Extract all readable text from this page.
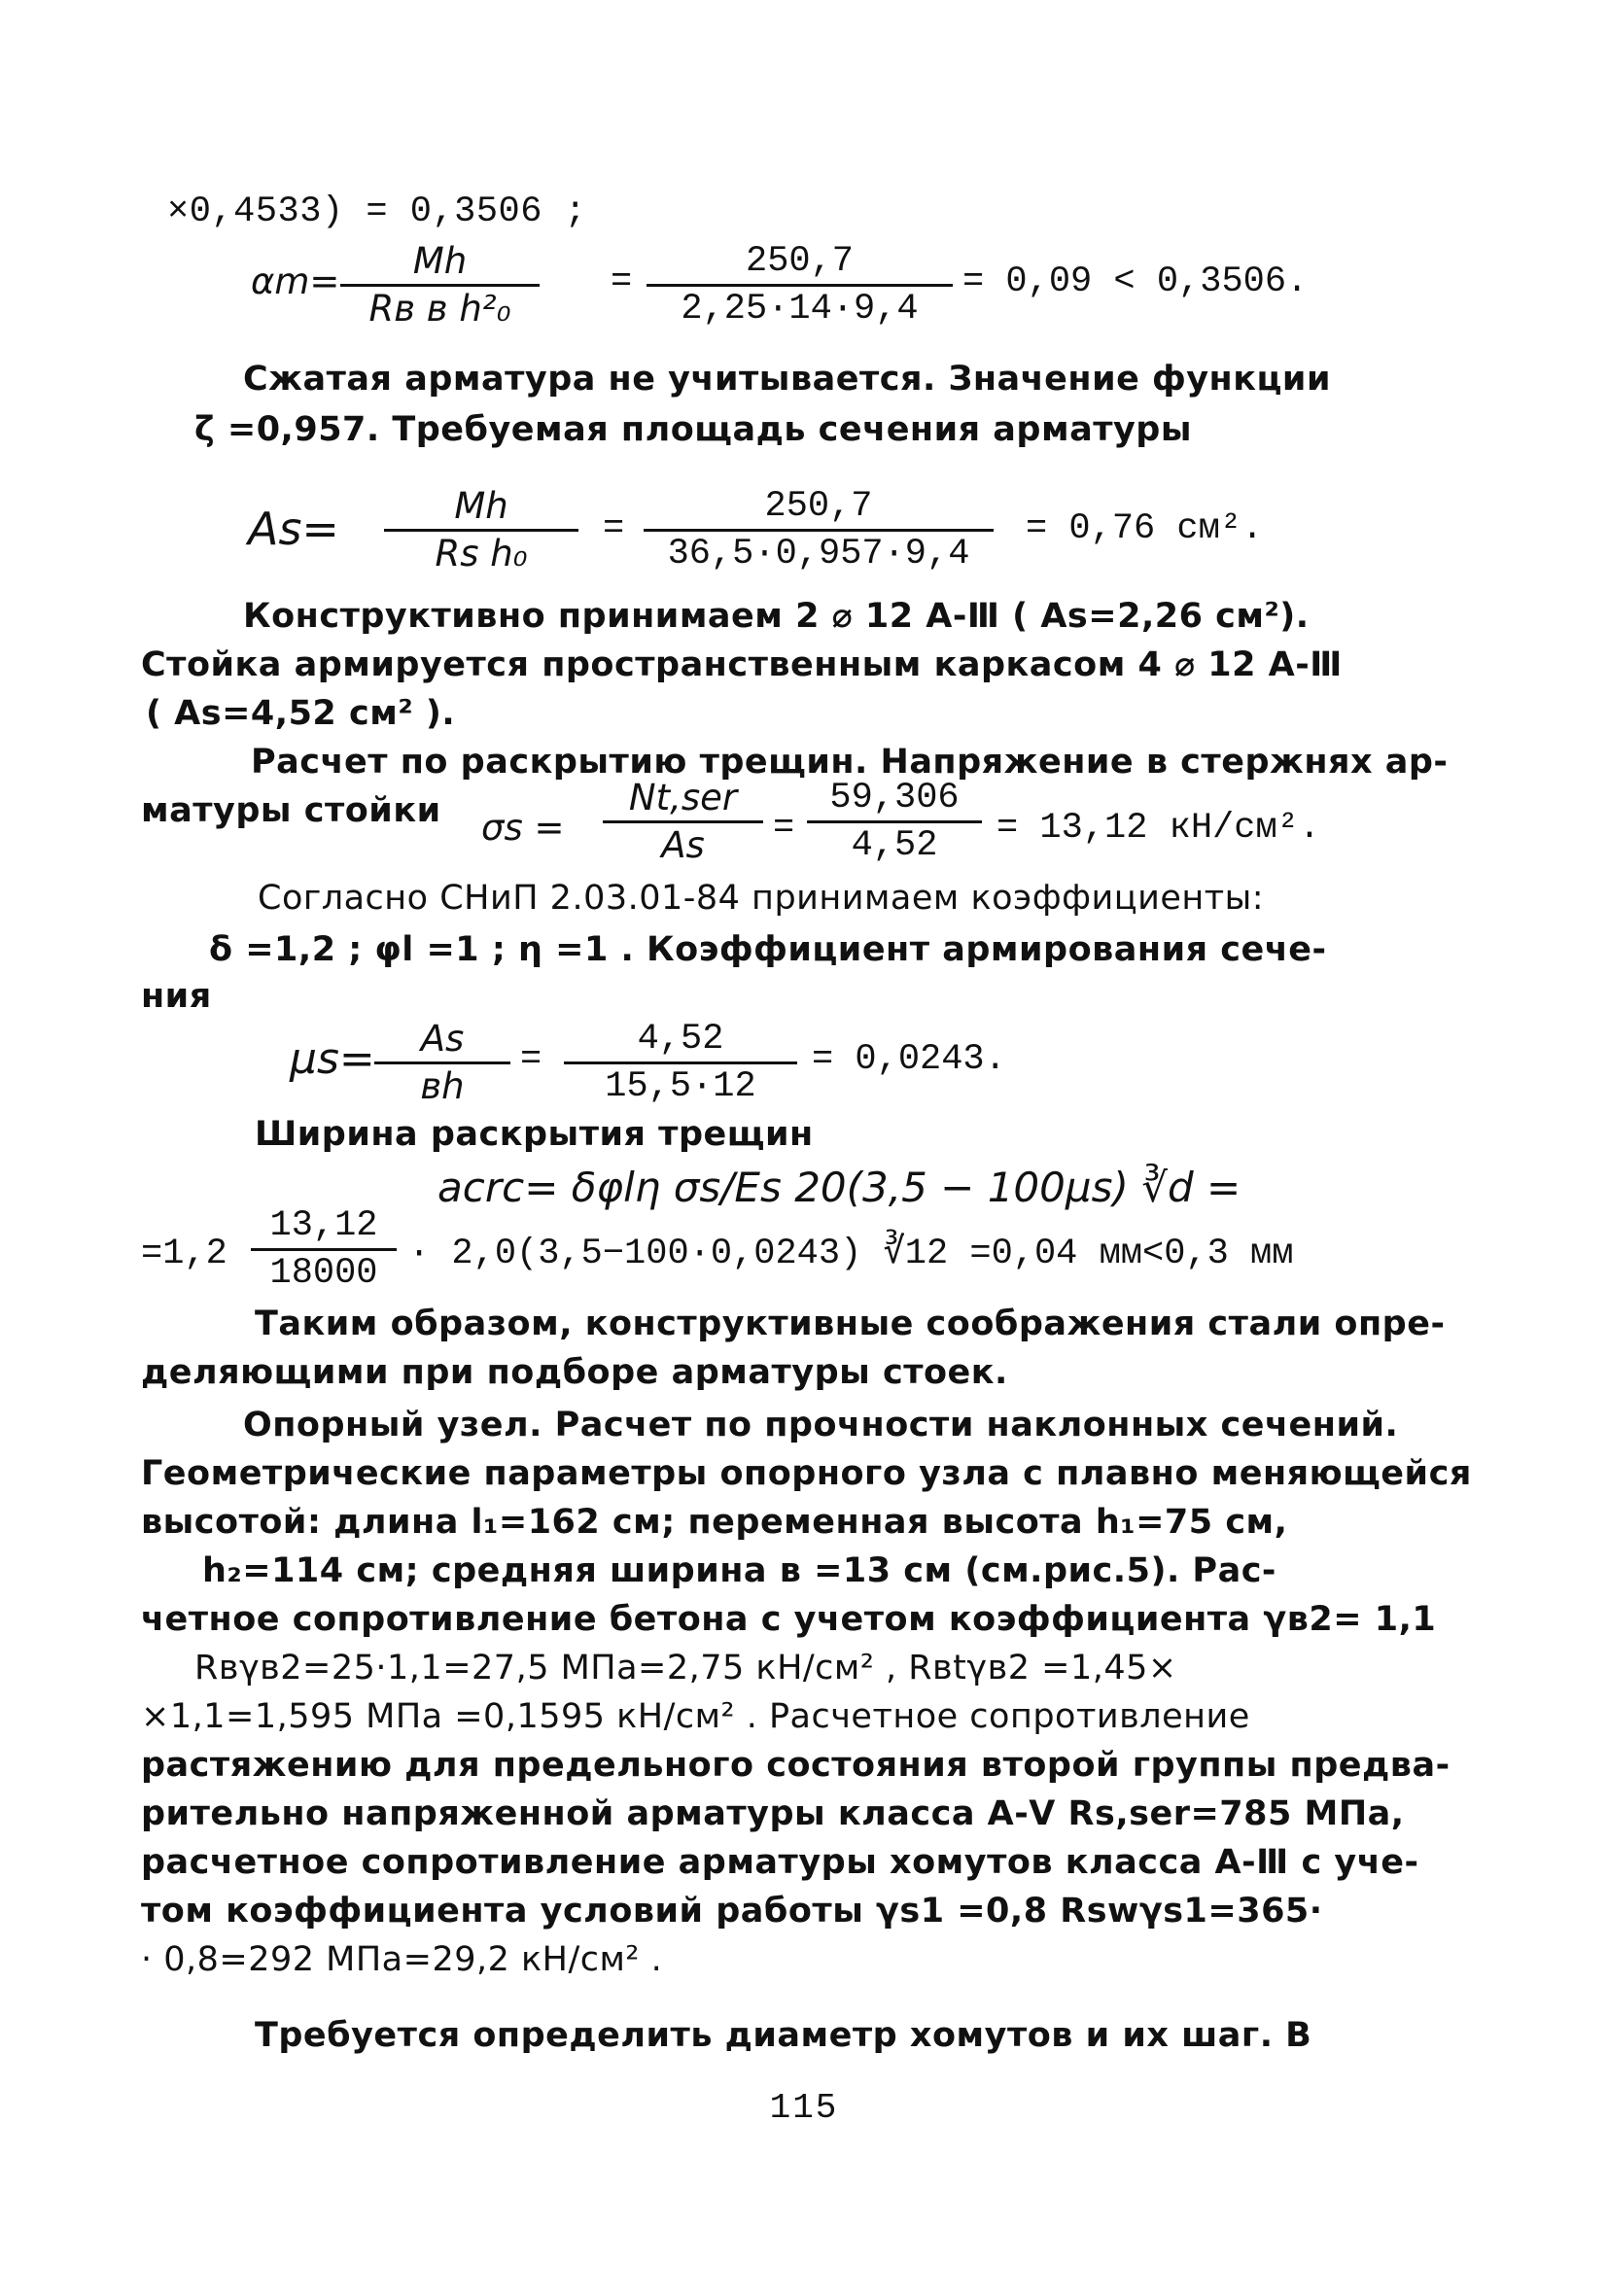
×0,4533) = 0,3506 ;
αm=	Mh
Rв в h²₀
=	250,7
2,25·14·9,4
= 0,09 < 0,3506.
Сжатая арматура не учитывается. Значение функции
ζ =0,957. Требуемая площадь сечения арматуры
As=	Mh
Rs h₀
=
250,7
36,5·0,957·9,4
= 0,76 см².
Конструктивно принимаем 2 ⌀ 12 А-Ⅲ ( As=2,26 см²).
Стойка армируется пространственным каркасом 4 ⌀ 12 А-Ⅲ
( As=4,52 см² ).
Расчет по раскрытию трещин. Напряжение в стержнях ар-
матуры стойки σs =
Nt,ser
As	=
59,306
4,52	= 13,12 кН/см².
Согласно СНиП 2.03.01-84 принимаем коэффициенты:
δ =1,2 ; φl =1 ; η =1 . Коэффициент армирования сече-
ния
μs=	As
вh
=	4,52
15,5·12
= 0,0243.
Ширина раскрытия трещин
acrc= δφlη σs/Es 20(3,5 − 100μs) ∛d =
=1,2
13,12
18000 · 2,0(3,5−100·0,0243) ∛12 =0,04 мм<0,3 мм
Таким образом, конструктивные соображения стали опре-
деляющими при подборе арматуры стоек.
Опорный узел. Расчет по прочности наклонных сечений.
Геометрические параметры опорного узла с плавно меняющейся
высотой: длина l₁=162 см; переменная высота h₁=75 см,
h₂=114 см; средняя ширина в =13 см (см.рис.5). Рас-
четное сопротивление бетона с учетом коэффициента γв2= 1,1
Rвγв2=25·1,1=27,5 МПа=2,75 кН/см² , Rвtγв2 =1,45×
×1,1=1,595 МПа =0,1595 кН/см² . Расчетное сопротивление
растяжению для предельного состояния второй группы предва-
рительно напряженной арматуры класса А-Ⅴ Rs,ser=785 МПа,
расчетное сопротивление арматуры хомутов класса А-Ⅲ с уче-
том коэффициента условий работы γs1 =0,8 Rswγs1=365·
· 0,8=292 МПа=29,2 кН/см² .
Требуется определить диаметр хомутов и их шаг. В
115
